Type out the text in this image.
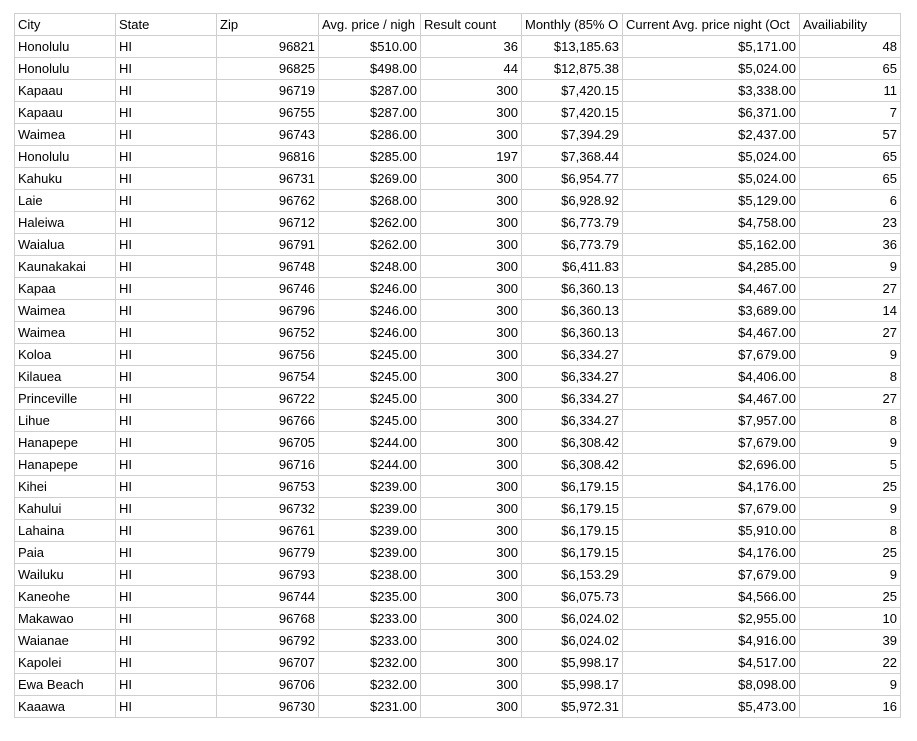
City	State	Zip	Avg. price / nigh	Result count	Monthly (85% O	Current Avg. price night (Oct	Availiability
Honolulu	HI	96821	$510.00	36	$13,185.63	$5,171.00	48
Honolulu	HI	96825	$498.00	44	$12,875.38	$5,024.00	65
Kapaau	HI	96719	$287.00	300	$7,420.15	$3,338.00	11
Kapaau	HI	96755	$287.00	300	$7,420.15	$6,371.00	7
Waimea	HI	96743	$286.00	300	$7,394.29	$2,437.00	57
Honolulu	HI	96816	$285.00	197	$7,368.44	$5,024.00	65
Kahuku	HI	96731	$269.00	300	$6,954.77	$5,024.00	65
Laie	HI	96762	$268.00	300	$6,928.92	$5,129.00	6
Haleiwa	HI	96712	$262.00	300	$6,773.79	$4,758.00	23
Waialua	HI	96791	$262.00	300	$6,773.79	$5,162.00	36
Kaunakakai	HI	96748	$248.00	300	$6,411.83	$4,285.00	9
Kapaa	HI	96746	$246.00	300	$6,360.13	$4,467.00	27
Waimea	HI	96796	$246.00	300	$6,360.13	$3,689.00	14
Waimea	HI	96752	$246.00	300	$6,360.13	$4,467.00	27
Koloa	HI	96756	$245.00	300	$6,334.27	$7,679.00	9
Kilauea	HI	96754	$245.00	300	$6,334.27	$4,406.00	8
Princeville	HI	96722	$245.00	300	$6,334.27	$4,467.00	27
Lihue	HI	96766	$245.00	300	$6,334.27	$7,957.00	8
Hanapepe	HI	96705	$244.00	300	$6,308.42	$7,679.00	9
Hanapepe	HI	96716	$244.00	300	$6,308.42	$2,696.00	5
Kihei	HI	96753	$239.00	300	$6,179.15	$4,176.00	25
Kahului	HI	96732	$239.00	300	$6,179.15	$7,679.00	9
Lahaina	HI	96761	$239.00	300	$6,179.15	$5,910.00	8
Paia	HI	96779	$239.00	300	$6,179.15	$4,176.00	25
Wailuku	HI	96793	$238.00	300	$6,153.29	$7,679.00	9
Kaneohe	HI	96744	$235.00	300	$6,075.73	$4,566.00	25
Makawao	HI	96768	$233.00	300	$6,024.02	$2,955.00	10
Waianae	HI	96792	$233.00	300	$6,024.02	$4,916.00	39
Kapolei	HI	96707	$232.00	300	$5,998.17	$4,517.00	22
Ewa Beach	HI	96706	$232.00	300	$5,998.17	$8,098.00	9
Kaaawa	HI	96730	$231.00	300	$5,972.31	$5,473.00	16
